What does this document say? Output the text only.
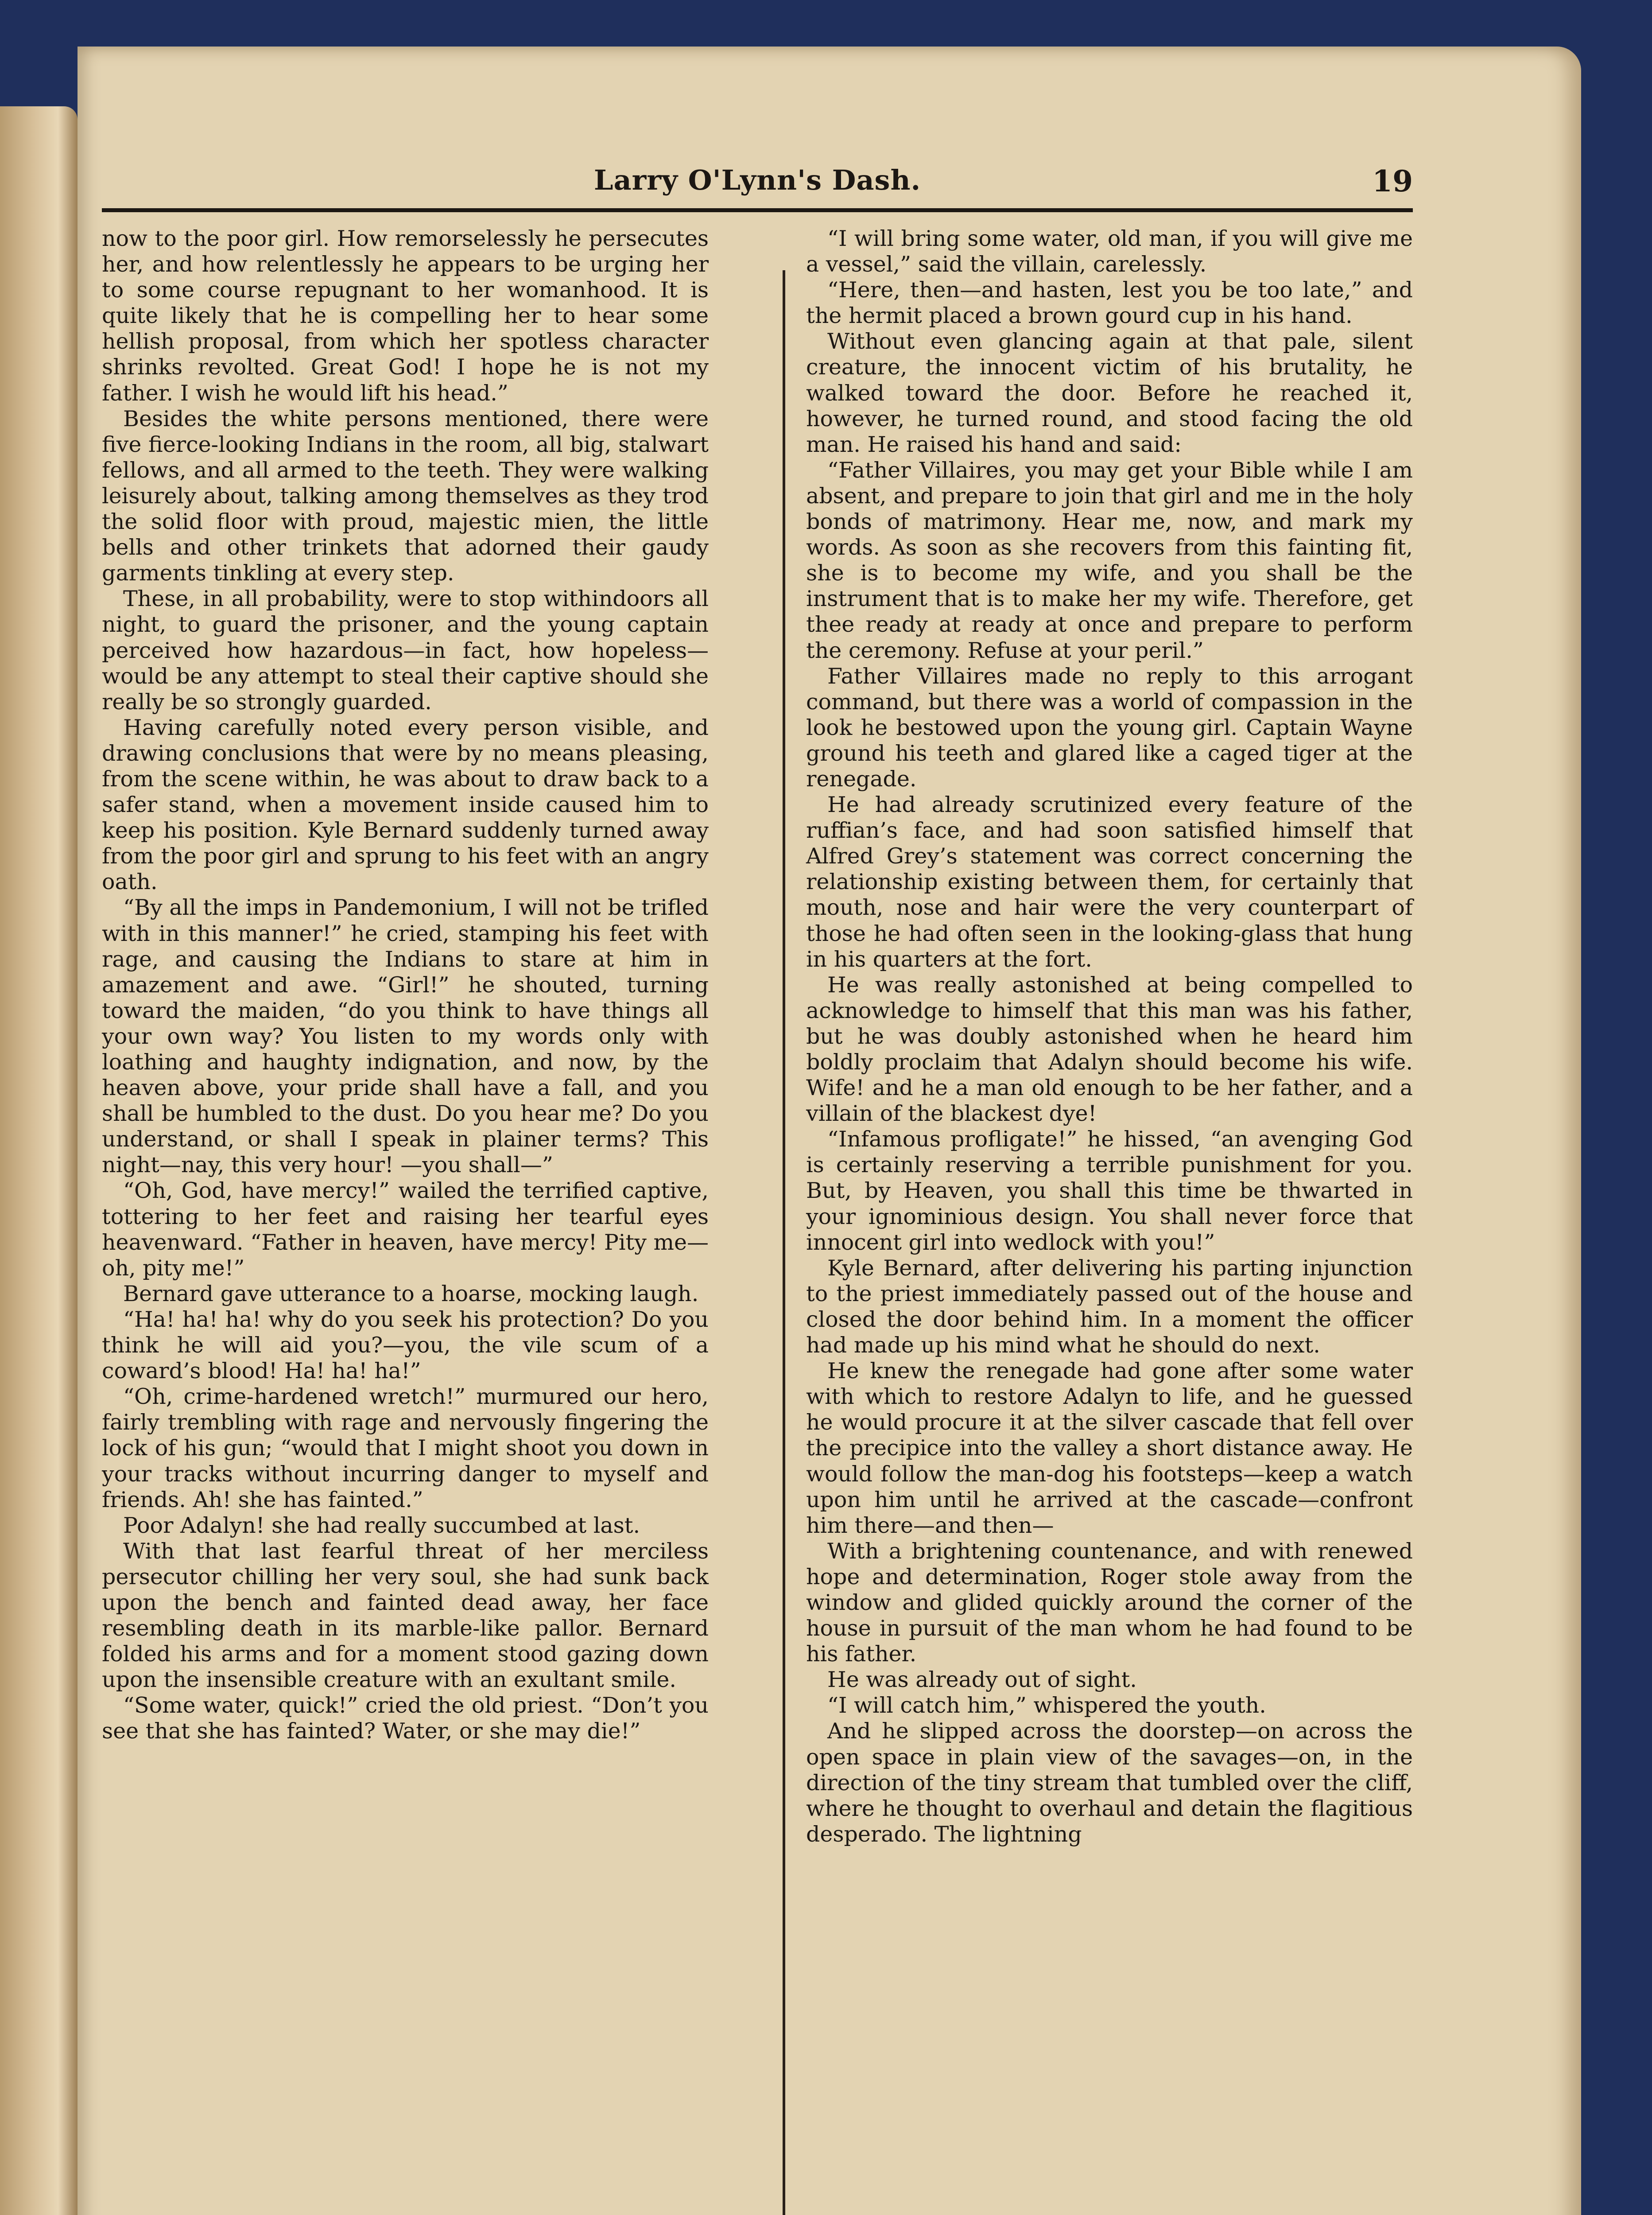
Larry O'Lynn's Dash.	19

now to the poor girl. How remorselessly he persecutes her, and how relentlessly he appears to be urging her to some course repugnant to her womanhood. It is quite likely that he is compelling her to hear some hellish proposal, from which her spotless character shrinks revolted. Great God! I hope he is not my father. I wish he would lift his head.”

Besides the white persons mentioned, there were five fierce-looking Indians in the room, all big, stalwart fellows, and all armed to the teeth. They were walking leisurely about, talking among themselves as they trod the solid floor with proud, majestic mien, the little bells and other trinkets that adorned their gaudy garments tinkling at every step.

These, in all probability, were to stop withindoors all night, to guard the prisoner, and the young captain perceived how hazardous—in fact, how hopeless—would be any attempt to steal their captive should she really be so strongly guarded.

Having carefully noted every person visible, and drawing conclusions that were by no means pleasing, from the scene within, he was about to draw back to a safer stand, when a movement inside caused him to keep his position. Kyle Bernard suddenly turned away from the poor girl and sprung to his feet with an angry oath.

“By all the imps in Pandemonium, I will not be trifled with in this manner!” he cried, stamping his feet with rage, and causing the Indians to stare at him in amazement and awe. “Girl!” he shouted, turning toward the maiden, “do you think to have things all your own way? You listen to my words only with loathing and haughty indignation, and now, by the heaven above, your pride shall have a fall, and you shall be humbled to the dust. Do you hear me? Do you understand, or shall I speak in plainer terms? This night—nay, this very hour! —you shall—”

“Oh, God, have mercy!” wailed the terrified captive, tottering to her feet and raising her tearful eyes heavenward. “Father in heaven, have mercy! Pity me—oh, pity me!”

Bernard gave utterance to a hoarse, mocking laugh.

“Ha! ha! ha! why do you seek his protection? Do you think he will aid you?—you, the vile scum of a coward’s blood! Ha! ha! ha!”

“Oh, crime-hardened wretch!” murmured our hero, fairly trembling with rage and nervously fingering the lock of his gun; “would that I might shoot you down in your tracks without incurring danger to myself and friends. Ah! she has fainted.”

Poor Adalyn! she had really succumbed at last.

With that last fearful threat of her merciless persecutor chilling her very soul, she had sunk back upon the bench and fainted dead away, her face resembling death in its marble-like pallor. Bernard folded his arms and for a moment stood gazing down upon the insensible creature with an exultant smile.

“Some water, quick!” cried the old priest. “Don’t you see that she has fainted? Water, or she may die!”

“I will bring some water, old man, if you will give me a vessel,” said the villain, carelessly.

“Here, then—and hasten, lest you be too late,” and the hermit placed a brown gourd cup in his hand.

Without even glancing again at that pale, silent creature, the innocent victim of his brutality, he walked toward the door. Before he reached it, however, he turned round, and stood facing the old man. He raised his hand and said:

“Father Villaires, you may get your Bible while I am absent, and prepare to join that girl and me in the holy bonds of matrimony. Hear me, now, and mark my words. As soon as she recovers from this fainting fit, she is to become my wife, and you shall be the instrument that is to make her my wife. Therefore, get thee ready at ready at once and prepare to perform the ceremony. Refuse at your peril.”

Father Villaires made no reply to this arrogant command, but there was a world of compassion in the look he bestowed upon the young girl. Captain Wayne ground his teeth and glared like a caged tiger at the renegade.

He had already scrutinized every feature of the ruffian’s face, and had soon satisfied himself that Alfred Grey’s statement was correct concerning the relationship existing between them, for certainly that mouth, nose and hair were the very counterpart of those he had often seen in the looking-glass that hung in his quarters at the fort.

He was really astonished at being compelled to acknowledge to himself that this man was his father, but he was doubly astonished when he heard him boldly proclaim that Adalyn should become his wife. Wife! and he a man old enough to be her father, and a villain of the blackest dye!

“Infamous profligate!” he hissed, “an avenging God is certainly reserving a terrible punishment for you. But, by Heaven, you shall this time be thwarted in your ignominious design. You shall never force that innocent girl into wedlock with you!”

Kyle Bernard, after delivering his parting injunction to the priest immediately passed out of the house and closed the door behind him. In a moment the officer had made up his mind what he should do next.

He knew the renegade had gone after some water with which to restore Adalyn to life, and he guessed he would procure it at the silver cascade that fell over the precipice into the valley a short distance away. He would follow the man-dog his footsteps—keep a watch upon him until he arrived at the cascade—confront him there—and then—

With a brightening countenance, and with renewed hope and determination, Roger stole away from the window and glided quickly around the corner of the house in pursuit of the man whom he had found to be his father.

He was already out of sight.

“I will catch him,” whispered the youth.

And he slipped across the doorstep—on across the open space in plain view of the savages—on, in the direction of the tiny stream that tumbled over the cliff, where he thought to overhaul and detain the flagitious desperado. The lightning
